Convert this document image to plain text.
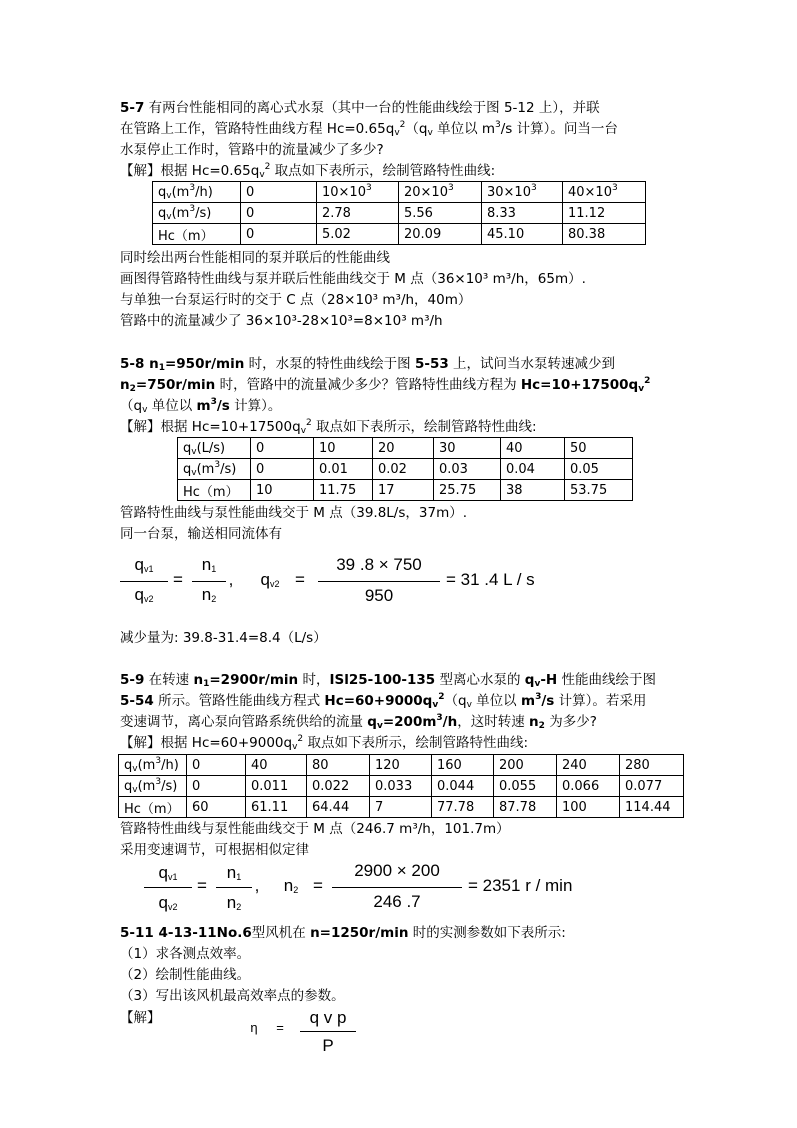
5-7 有两台性能相同的离心式水泵（其中一台的性能曲线绘于图 5-12 上），并联
在管路上工作，管路特性曲线方程 $Hc=0.65q_v^2(q_v$ 单位以 $m^3/s$ 计算）。问当一台
水泵停止工作时，管路中的流量减少了多少?
【解】根据 $Hc=0.65q_v^2$ 取点如下表所示，绘制管路特性曲线:
$q_v(m^3/h)$	0	$10\times 10^3$	$20\times 10^3$	$30\times 10^3$	$40\times 10^3$
$q_v(m^3/s)$	0	2.78	5.56	8.33	11.12
Hc（m）	0	5.02	20.09	45.10	80.38
同时绘出两台性能相同的泵并联后的性能曲线
画图得管路特性曲线与泵并联后性能曲线交于 M 点（36×10³ m³/h，65m）.
与单独一台泵运行时的交于 C 点（28×10³ m³/h，40m）
管路中的流量减少了 36×10³-28×10³=8×10³ m³/h
5-8 $n_1=950r/\min$ 时，水泵的特性曲线绘于图 5-53 上，试问当水泵转速减少到
$n_2=750r/\min$ 时，管路中的流量减少多少？管路特性曲线方程为 $Hc=10+17500q_v^2$
（$q_v$ 单位以 $m^3/s$ 计算）。
【解】根据 $Hc=10+17500q_v^2$ 取点如下表所示，绘制管路特性曲线:
$q_v(L/s)$	0	10	20	30	40	50
$q_v(m^3/s)$	0	0.01	0.02	0.03	0.04	0.05
Hc（m）	10	11.75	17	25.75	38	53.75
管路特性曲线与泵性能曲线交于 M 点（39.8L/s，37m）.
同一台泵，输送相同流体有
$q_{v1}$
$q_{v2}$
=
$n_1$
$n_2$
,	$q_{v2}$ =
39 .8 × 750
950
= 31 .4 L / s
减少量为: 39.8-31.4=8.4（L/s）
5-9 在转速 $n_1=2900r/\min$ 时，ISl25-100-135 型离心水泵的 $q_v-H$ 性能曲线绘于图
5-54 所示。管路性能曲线方程式 $Hc=60+9000q_v^2(q_v$ 单位以 $m^3/s$ 计算）。若采用
变速调节，离心泵向管路系统供给的流量 $q_v=200m^3/h$，这时转速 $n_2$ 为多少?
【解】根据 $Hc=60+9000q_v^2$ 取点如下表所示，绘制管路特性曲线:
$q_v(m^3/h)$	0	40	80	120	160	200	240	280
$q_v(m^3/s)$	0	0.011	0.022	0.033	0.044	0.055	0.066	0.077
Hc（m）	60	61.11	64.44	7	77.78	87.78	100	114.44
管路特性曲线与泵性能曲线交于 M 点（246.7 m³/h，101.7m）
采用变速调节，可根据相似定律
$q_{v1}$
$q_{v2}$
=
$n_1$
$n_2$
,	$n_2$ =
2900 × 200
246 .7
= 2351 r / min
5-11 4-13-11No.6型风机在 n=1250r/min 时的实测参数如下表所示:
（1）求各测点效率。
（2）绘制性能曲线。
（3）写出该风机最高效率点的参数。
【解】
η	=
q v p
P
